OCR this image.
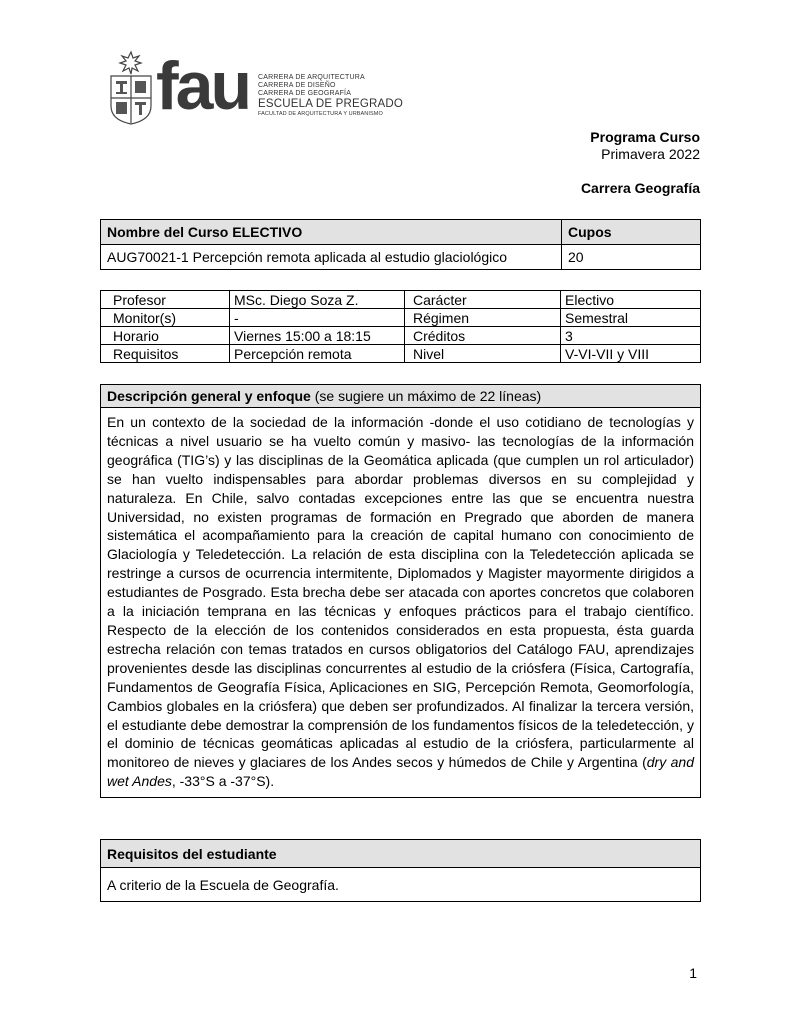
fau CARRERA DE ARQUITECTURA
CARRERA DE DISEÑO
CARRERA DE GEOGRAFÍA
ESCUELA DE PREGRADO
FACULTAD DE ARQUITECTURA Y URBANISMO
Programa Curso
Primavera 2022
Carrera Geografía
Nombre del Curso ELECTIVO	Cupos
AUG70021-1 Percepción remota aplicada al estudio glaciológico	20
Profesor	MSc. Diego Soza Z.	Carácter	Electivo
Monitor(s)	-	Régimen	Semestral
Horario	Viernes 15:00 a 18:15	Créditos	3
Requisitos	Percepción remota	Nivel	V-VI-VII y VIII
Descripción general y enfoque (se sugiere un máximo de 22 líneas)
En un contexto de la sociedad de la información -donde el uso cotidiano de tecnologías y técnicas a nivel usuario se ha vuelto común y masivo- las tecnologías de la información geográfica (TIG’s) y las disciplinas de la Geomática aplicada (que cumplen un rol articulador) se han vuelto indispensables para abordar problemas diversos en su complejidad y naturaleza. En Chile, salvo contadas excepciones entre las que se encuentra nuestra Universidad, no existen programas de formación en Pregrado que aborden de manera sistemática el acompañamiento para la creación de capital humano con conocimiento de Glaciología y Teledetección. La relación de esta disciplina con la Teledetección aplicada se restringe a cursos de ocurrencia intermitente, Diplomados y Magister mayormente dirigidos a estudiantes de Posgrado. Esta brecha debe ser atacada con aportes concretos que colaboren a la iniciación temprana en las técnicas y enfoques prácticos para el trabajo científico. Respecto de la elección de los contenidos considerados en esta propuesta, ésta guarda estrecha relación con temas tratados en cursos obligatorios del Catálogo FAU, aprendizajes provenientes desde las disciplinas concurrentes al estudio de la criósfera (Física, Cartografía, Fundamentos de Geografía Física, Aplicaciones en SIG, Percepción Remota, Geomorfología, Cambios globales en la criósfera) que deben ser profundizados. Al finalizar la tercera versión, el estudiante debe demostrar la comprensión de los fundamentos físicos de la teledetección, y el dominio de técnicas geomáticas aplicadas al estudio de la criósfera, particularmente al monitoreo de nieves y glaciares de los Andes secos y húmedos de Chile y Argentina (dry and wet Andes, -33°S a -37°S).
Requisitos del estudiante
A criterio de la Escuela de Geografía.
1
